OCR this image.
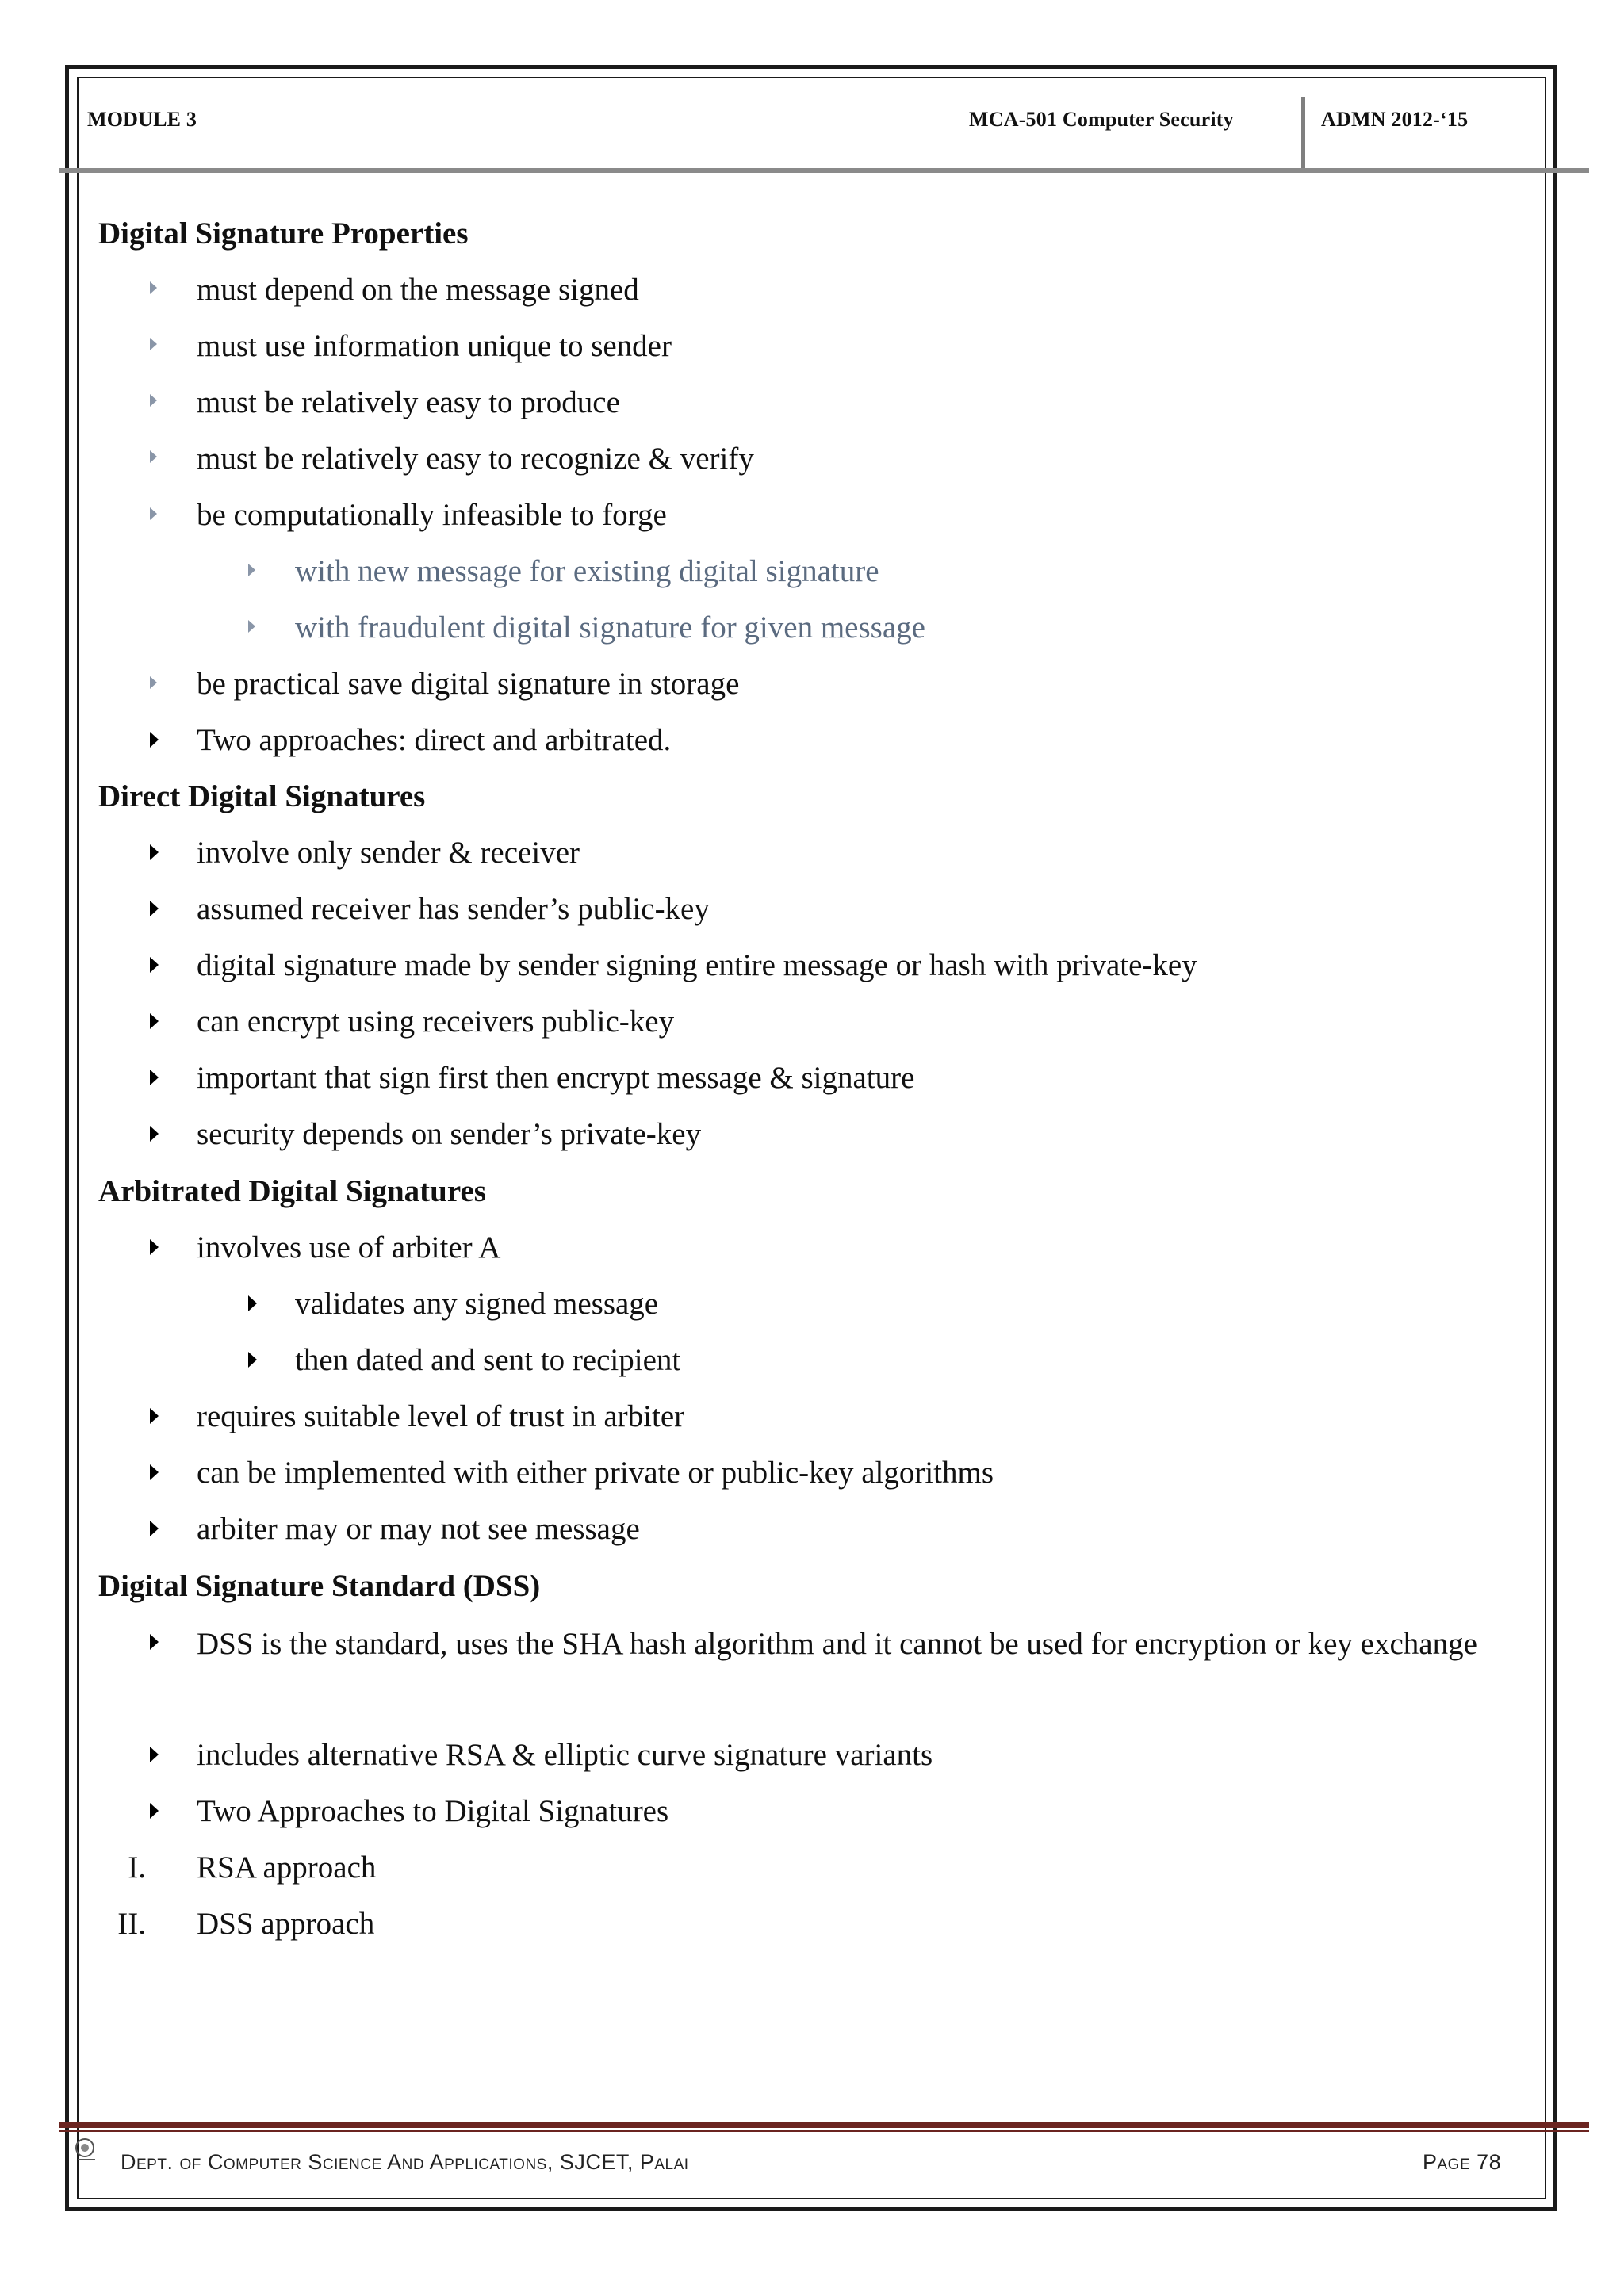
MODULE 3	MCA-501 Computer Security	ADMN 2012-‘15
Digital Signature Properties
must depend on the message signed
must use information unique to sender
must be relatively easy to produce
must be relatively easy to recognize & verify
be computationally infeasible to forge
with new message for existing digital signature
with fraudulent digital signature for given message
be practical save digital signature in storage
Two approaches: direct and arbitrated.
Direct Digital Signatures
involve only sender & receiver
assumed receiver has sender’s public-key
digital signature made by sender signing entire message or hash with private-key
can encrypt using receivers public-key
important that sign first then encrypt message & signature
security depends on sender’s private-key
Arbitrated Digital Signatures
involves use of arbiter A
validates any signed message
then dated and sent to recipient
requires suitable level of trust in arbiter
can be implemented with either private or public-key algorithms
arbiter may or may not see message
Digital Signature Standard (DSS)
DSS is the standard, uses the SHA hash algorithm and it cannot be used for encryption or key exchange
includes alternative RSA & elliptic curve signature variants
Two Approaches to Digital Signatures
I. RSA approach
II. DSS approach
Dept. of Computer Science And Applications, SJCET, Palai	Page 78
